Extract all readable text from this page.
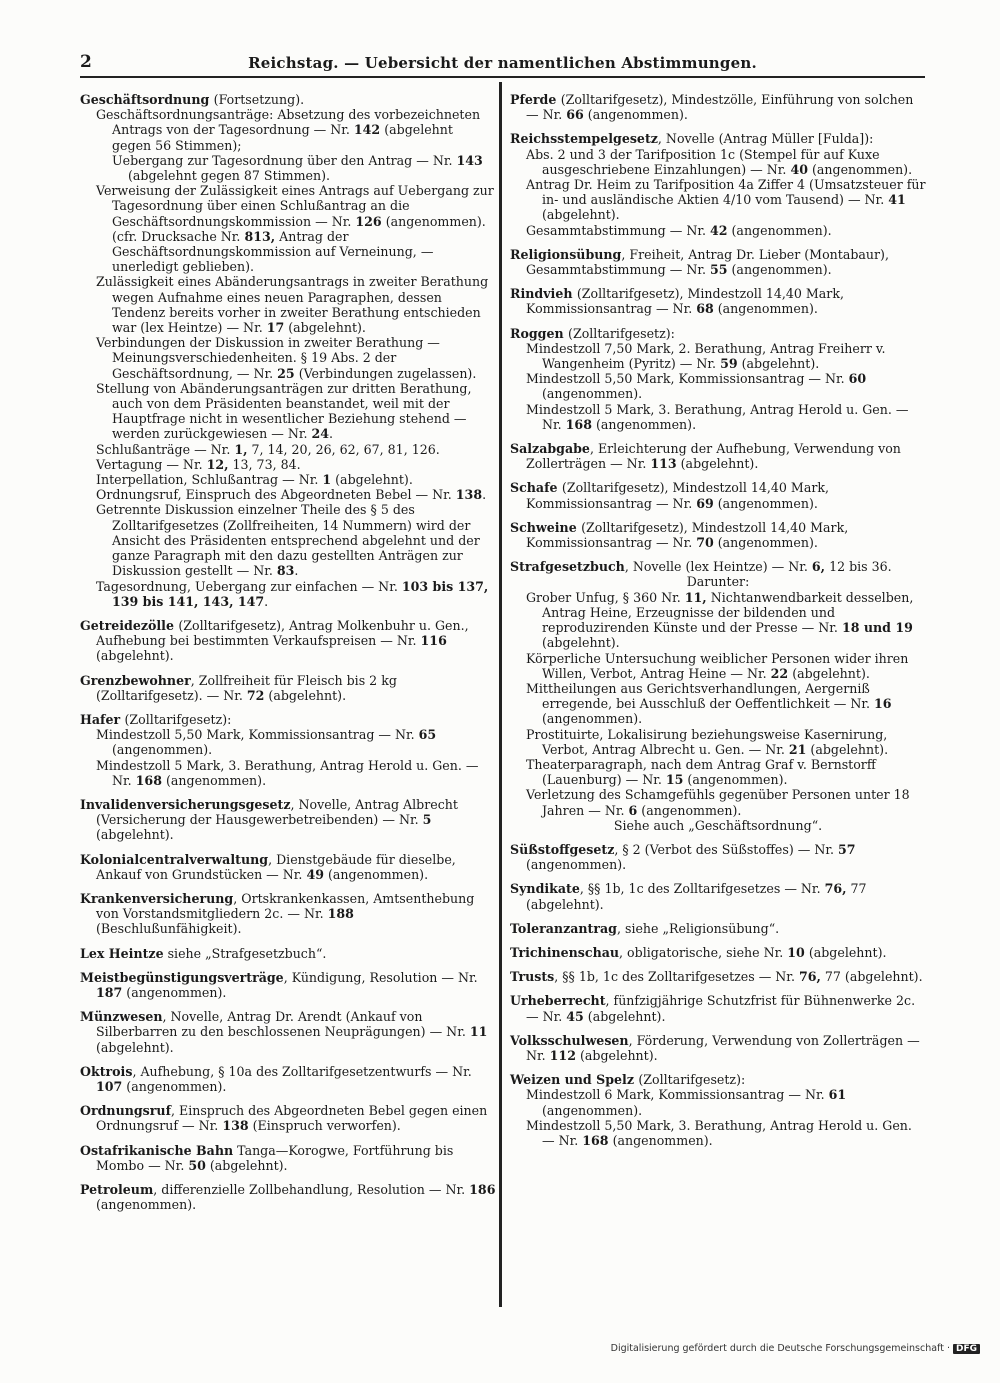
2	Reichstag. — Uebersicht der namentlichen Abstimmungen.
Geschäftsordnung (Fortsetzung).
Geschäftsordnungsanträge: Absetzung des vorbezeichneten Antrags von der Tagesordnung — Nr. 142 (abgelehnt gegen 56 Stimmen);
Uebergang zur Tagesordnung über den Antrag — Nr. 143 (abgelehnt gegen 87 Stimmen).
Verweisung der Zulässigkeit eines Antrags auf Uebergang zur Tagesordnung über einen Schlußantrag an die Geschäftsordnungskommission — Nr. 126 (angenommen). (cfr. Drucksache Nr. 813, Antrag der Geschäftsordnungskommission auf Verneinung, — unerledigt geblieben).
Zulässigkeit eines Abänderungsantrags in zweiter Berathung wegen Aufnahme eines neuen Paragraphen, dessen Tendenz bereits vorher in zweiter Berathung entschieden war (lex Heintze) — Nr. 17 (abgelehnt).
Verbindungen der Diskussion in zweiter Berathung — Meinungsverschiedenheiten. § 19 Abs. 2 der Geschäftsordnung, — Nr. 25 (Verbindungen zugelassen).
Stellung von Abänderungsanträgen zur dritten Berathung, auch von dem Präsidenten beanstandet, weil mit der Hauptfrage nicht in wesentlicher Beziehung stehend — werden zurückgewiesen — Nr. 24.
Schlußanträge — Nr. 1, 7, 14, 20, 26, 62, 67, 81, 126.
Vertagung — Nr. 12, 13, 73, 84.
Interpellation, Schlußantrag — Nr. 1 (abgelehnt).
Ordnungsruf, Einspruch des Abgeordneten Bebel — Nr. 138.
Getrennte Diskussion einzelner Theile des § 5 des Zolltarifgesetzes (Zollfreiheiten, 14 Nummern) wird der Ansicht des Präsidenten entsprechend abgelehnt und der ganze Paragraph mit den dazu gestellten Anträgen zur Diskussion gestellt — Nr. 83.
Tagesordnung, Uebergang zur einfachen — Nr. 103 bis 137, 139 bis 141, 143, 147.
Getreidezölle (Zolltarifgesetz), Antrag Molkenbuhr u. Gen., Aufhebung bei bestimmten Verkaufspreisen — Nr. 116 (abgelehnt).
Grenzbewohner, Zollfreiheit für Fleisch bis 2 kg (Zolltarifgesetz). — Nr. 72 (abgelehnt).
Hafer (Zolltarifgesetz):
Mindestzoll 5,50 Mark, Kommissionsantrag — Nr. 65 (angenommen).
Mindestzoll 5 Mark, 3. Berathung, Antrag Herold u. Gen. — Nr. 168 (angenommen).
Invalidenversicherungsgesetz, Novelle, Antrag Albrecht (Versicherung der Hausgewerbetreibenden) — Nr. 5 (abgelehnt).
Kolonialcentralverwaltung, Dienstgebäude für dieselbe, Ankauf von Grundstücken — Nr. 49 (angenommen).
Krankenversicherung, Ortskrankenkassen, Amtsenthebung von Vorstandsmitgliedern 2c. — Nr. 188 (Beschlußunfähigkeit).
Lex Heintze siehe „Strafgesetzbuch“.
Meistbegünstigungsverträge, Kündigung, Resolution — Nr. 187 (angenommen).
Münzwesen, Novelle, Antrag Dr. Arendt (Ankauf von Silberbarren zu den beschlossenen Neuprägungen) — Nr. 11 (abgelehnt).
Oktrois, Aufhebung, § 10a des Zolltarifgesetzentwurfs — Nr. 107 (angenommen).
Ordnungsruf, Einspruch des Abgeordneten Bebel gegen einen Ordnungsruf — Nr. 138 (Einspruch verworfen).
Ostafrikanische Bahn Tanga—Korogwe, Fortführung bis Mombo — Nr. 50 (abgelehnt).
Petroleum, differenzielle Zollbehandlung, Resolution — Nr. 186 (angenommen).
Pferde (Zolltarifgesetz), Mindestzölle, Einführung von solchen — Nr. 66 (angenommen).
Reichsstempelgesetz, Novelle (Antrag Müller [Fulda]):
Abs. 2 und 3 der Tarifposition 1c (Stempel für auf Kuxe ausgeschriebene Einzahlungen) — Nr. 40 (angenommen).
Antrag Dr. Heim zu Tarifposition 4a Ziffer 4 (Umsatzsteuer für in- und ausländische Aktien 4/10 vom Tausend) — Nr. 41 (abgelehnt).
Gesammtabstimmung — Nr. 42 (angenommen).
Religionsübung, Freiheit, Antrag Dr. Lieber (Montabaur), Gesammtabstimmung — Nr. 55 (angenommen).
Rindvieh (Zolltarifgesetz), Mindestzoll 14,40 Mark, Kommissionsantrag — Nr. 68 (angenommen).
Roggen (Zolltarifgesetz):
Mindestzoll 7,50 Mark, 2. Berathung, Antrag Freiherr v. Wangenheim (Pyritz) — Nr. 59 (abgelehnt).
Mindestzoll 5,50 Mark, Kommissionsantrag — Nr. 60 (angenommen).
Mindestzoll 5 Mark, 3. Berathung, Antrag Herold u. Gen. — Nr. 168 (angenommen).
Salzabgabe, Erleichterung der Aufhebung, Verwendung von Zollerträgen — Nr. 113 (abgelehnt).
Schafe (Zolltarifgesetz), Mindestzoll 14,40 Mark, Kommissionsantrag — Nr. 69 (angenommen).
Schweine (Zolltarifgesetz), Mindestzoll 14,40 Mark, Kommissionsantrag — Nr. 70 (angenommen).
Strafgesetzbuch, Novelle (lex Heintze) — Nr. 6, 12 bis 36.
Darunter:
Grober Unfug, § 360 Nr. 11, Nichtanwendbarkeit desselben, Antrag Heine, Erzeugnisse der bildenden und reproduzirenden Künste und der Presse — Nr. 18 und 19 (abgelehnt).
Körperliche Untersuchung weiblicher Personen wider ihren Willen, Verbot, Antrag Heine — Nr. 22 (abgelehnt).
Mittheilungen aus Gerichtsverhandlungen, Aergerniß erregende, bei Ausschluß der Oeffentlichkeit — Nr. 16 (angenommen).
Prostituirte, Lokalisirung beziehungsweise Kasernirung, Verbot, Antrag Albrecht u. Gen. — Nr. 21 (abgelehnt).
Theaterparagraph, nach dem Antrag Graf v. Bernstorff (Lauenburg) — Nr. 15 (angenommen).
Verletzung des Schamgefühls gegenüber Personen unter 18 Jahren — Nr. 6 (angenommen).
Siehe auch „Geschäftsordnung“.
Süßstoffgesetz, § 2 (Verbot des Süßstoffes) — Nr. 57 (angenommen).
Syndikate, §§ 1b, 1c des Zolltarifgesetzes — Nr. 76, 77 (abgelehnt).
Toleranzantrag, siehe „Religionsübung“.
Trichinenschau, obligatorische, siehe Nr. 10 (abgelehnt).
Trusts, §§ 1b, 1c des Zolltarifgesetzes — Nr. 76, 77 (abgelehnt).
Urheberrecht, fünfzigjährige Schutzfrist für Bühnenwerke 2c. — Nr. 45 (abgelehnt).
Volksschulwesen, Förderung, Verwendung von Zollerträgen — Nr. 112 (abgelehnt).
Weizen und Spelz (Zolltarifgesetz):
Mindestzoll 6 Mark, Kommissionsantrag — Nr. 61 (angenommen).
Mindestzoll 5,50 Mark, 3. Berathung, Antrag Herold u. Gen. — Nr. 168 (angenommen).
Digitalisierung gefördert durch die Deutsche Forschungsgemeinschaft · DFG
